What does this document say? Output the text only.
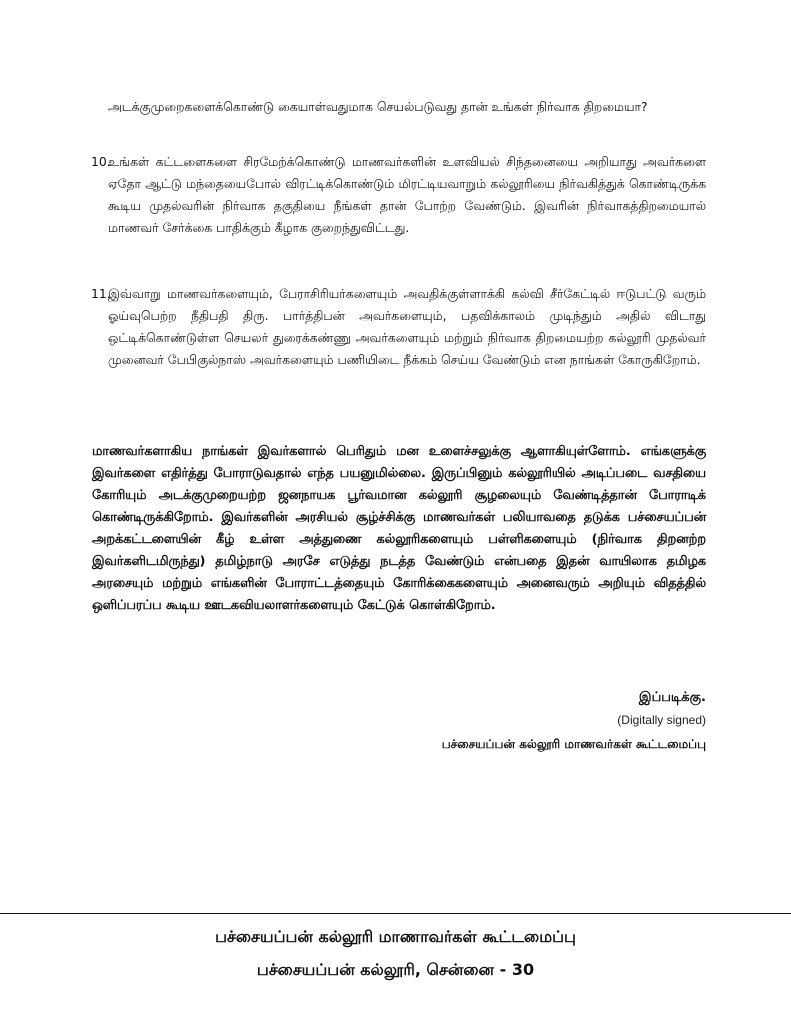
அடக்குமுறைகளைக்கொண்டு கையாள்வதுமாக செயல்படுவது தான் உங்கள் நிர்வாக திறமையா?
10.
உங்கள் கட்டளைகளை சிரமேற்க்கொண்டு மாணவர்களின் உளவியல் சிந்தனையை அறியாது அவர்களை ஏதோ ஆட்டு மந்தையைபோல் விரட்டிக்கொண்டும் மிரட்டியவாறும் கல்லூரியை நிர்வகித்துக் கொண்டிருக்க கூடிய முதல்வரின் நிர்வாக தகுதியை நீங்கள் தான் போற்ற வேண்டும். இவரின் நிர்வாகத்திறமையால் மாணவர் சேர்க்கை பாதிக்கும் கீழாக குறைந்துவிட்டது.
11.
இவ்வாறு மாணவர்களையும், பேராசிரியர்களையும் அவதிக்குள்ளாக்கி கல்வி சீர்கேட்டில் ஈடுபட்டு வரும் ஓய்வுபெற்ற நீதிபதி திரு. பார்த்திபன் அவர்களையும், பதவிக்காலம் முடிந்தும் அதில் விடாது ஒட்டிக்கொண்டுள்ள செயலர் துரைக்கண்ணு அவர்களையும் மற்றும் நிர்வாக திறமையற்ற கல்லூரி முதல்வர் முனைவர் பேபிகுல்நாஸ் அவர்களையும் பணியிடை நீக்கம் செய்ய வேண்டும் என நாங்கள் கோருகிறோம்.
மாணவர்களாகிய நாங்கள் இவர்களால் பெரிதும் மன உளைச்சலுக்கு ஆளாகியுள்ளோம். எங்களுக்கு இவர்களை எதிர்த்து போராடுவதால் எந்த பயனுமில்லை. இருப்பினும் கல்லூரியில் அடிப்படை வசதியை கோரியும் அடக்குமுறையற்ற ஜனநாயக பூர்வமான கல்லூரி சூழலையும் வேண்டித்தான் போராடிக் கொண்டிருக்கிறோம். இவர்களின் அரசியல் சூழ்ச்சிக்கு மாணவர்கள் பலியாவதை தடுக்க பச்சையப்பன் அறக்கட்டளையின் கீழ் உள்ள அத்துணை கல்லூரிகளையும் பள்ளிகளையும் (நிர்வாக திறனற்ற இவர்களிடமிருந்து) தமிழ்நாடு அரசே எடுத்து நடத்த வேண்டும் என்பதை இதன் வாயிலாக தமிழக அரசையும் மற்றும் எங்களின் போராட்டத்தையும் கோரிக்கைகளையும் அனைவரும் அறியும் விதத்தில் ஒளிப்பரப்ப கூடிய ஊடகவியலாளர்களையும் கேட்டுக் கொள்கிறோம்.
இப்படிக்கு.
(Digitally signed)
பச்சையப்பன் கல்லூரி மாணவர்கள் கூட்டமைப்பு
பச்சையப்பன் கல்லூரி மாணாவர்கள் கூட்டமைப்பு
பச்சையப்பன் கல்லூரி, சென்னை - 30
